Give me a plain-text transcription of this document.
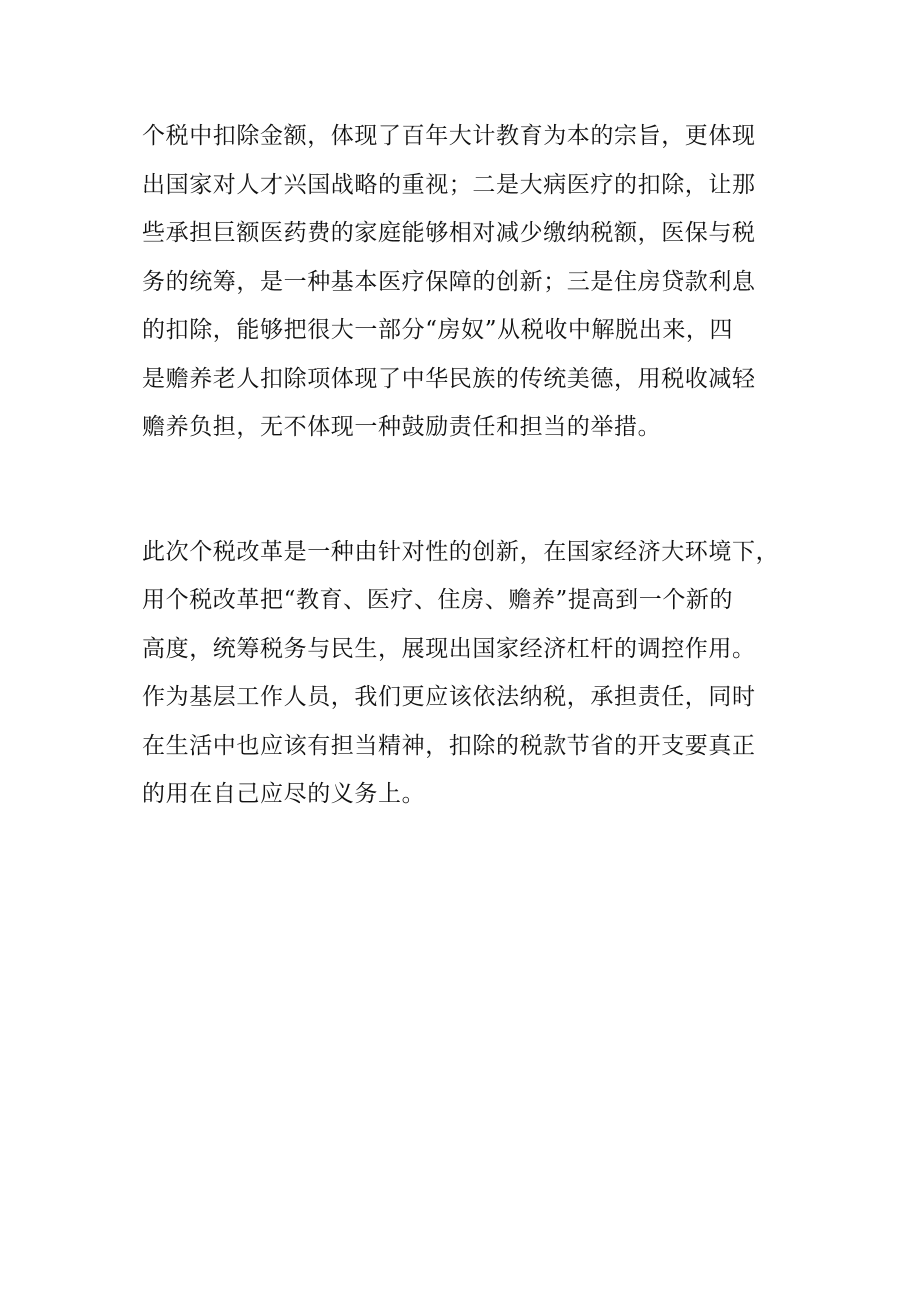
个税中扣除金额，体现了百年大计教育为本的宗旨，更体现
出国家对人才兴国战略的重视；二是大病医疗的扣除，让那
些承担巨额医药费的家庭能够相对减少缴纳税额，医保与税
务的统筹，是一种基本医疗保障的创新；三是住房贷款利息
的扣除，能够把很大一部分“房奴”从税收中解脱出来，四
是赡养老人扣除项体现了中华民族的传统美德，用税收减轻
赡养负担，无不体现一种鼓励责任和担当的举措。
此次个税改革是一种由针对性的创新，在国家经济大环境下，
用个税改革把“教育、医疗、住房、赡养”提高到一个新的
高度，统筹税务与民生，展现出国家经济杠杆的调控作用。
作为基层工作人员，我们更应该依法纳税，承担责任，同时
在生活中也应该有担当精神，扣除的税款节省的开支要真正
的用在自己应尽的义务上。
